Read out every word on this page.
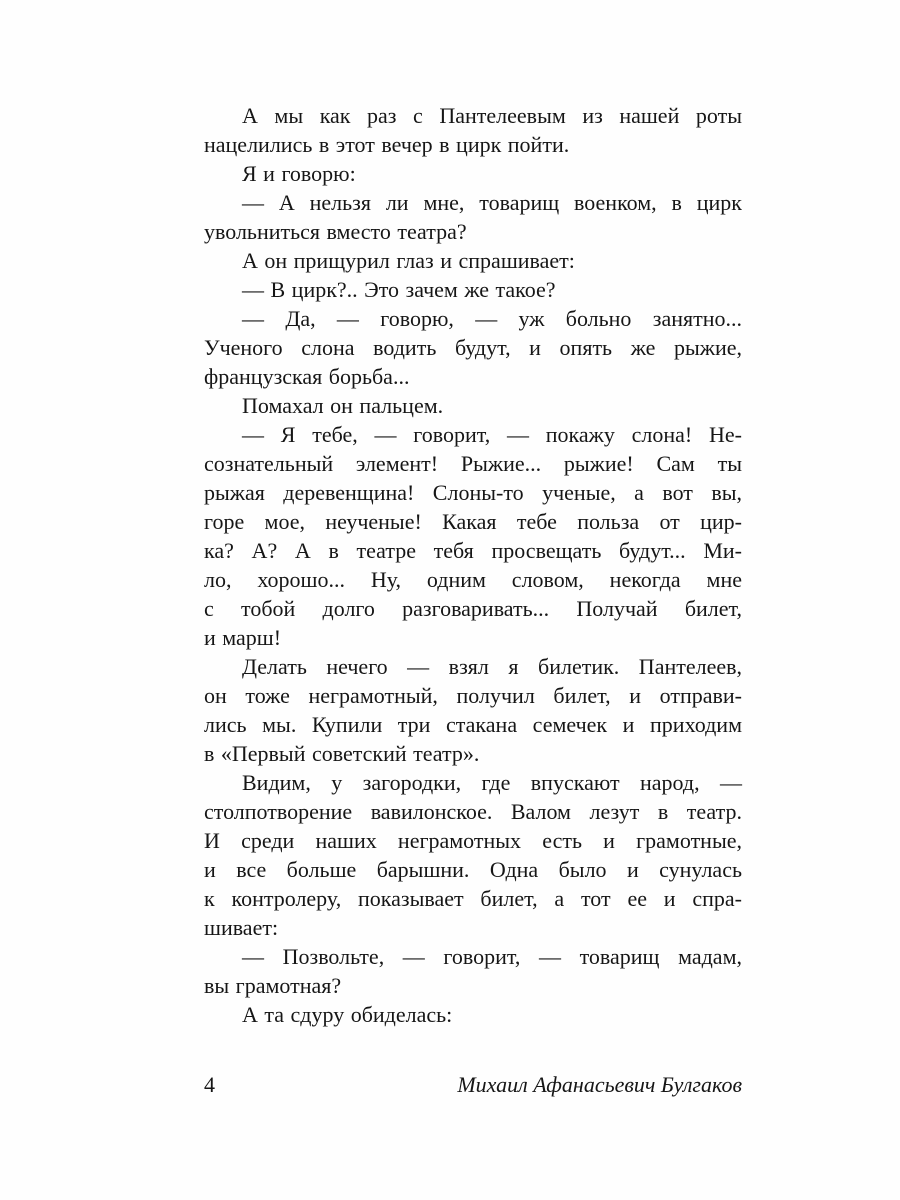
А мы как раз с Пантелеевым из нашей роты
нацелились в этот вечер в цирк пойти.
Я и говорю:
— А нельзя ли мне, товарищ военком, в цирк
увольниться вместо театра?
А он прищурил глаз и спрашивает:
— В цирк?.. Это зачем же такое?
— Да, — говорю, — уж больно занятно...
Ученого слона водить будут, и опять же рыжие,
французская борьба...
Помахал он пальцем.
— Я тебе, — говорит, — покажу слона! Не-
сознательный элемент! Рыжие... рыжие! Сам ты
рыжая деревенщина! Слоны-то ученые, а вот вы,
горе мое, неученые! Какая тебе польза от цир-
ка? А? А в театре тебя просвещать будут... Ми-
ло, хорошо... Ну, одним словом, некогда мне
с тобой долго разговаривать... Получай билет,
и марш!
Делать нечего — взял я билетик. Пантелеев,
он тоже неграмотный, получил билет, и отправи-
лись мы. Купили три стакана семечек и приходим
в «Первый советский театр».
Видим, у загородки, где впускают народ, —
столпотворение вавилонское. Валом лезут в театр.
И среди наших неграмотных есть и грамотные,
и все больше барышни. Одна было и сунулась
к контролеру, показывает билет, а тот ее и спра-
шивает:
— Позвольте, — говорит, — товарищ мадам,
вы грамотная?
А та сдуру обиделась:
4	Михаил Афанасьевич Булгаков
